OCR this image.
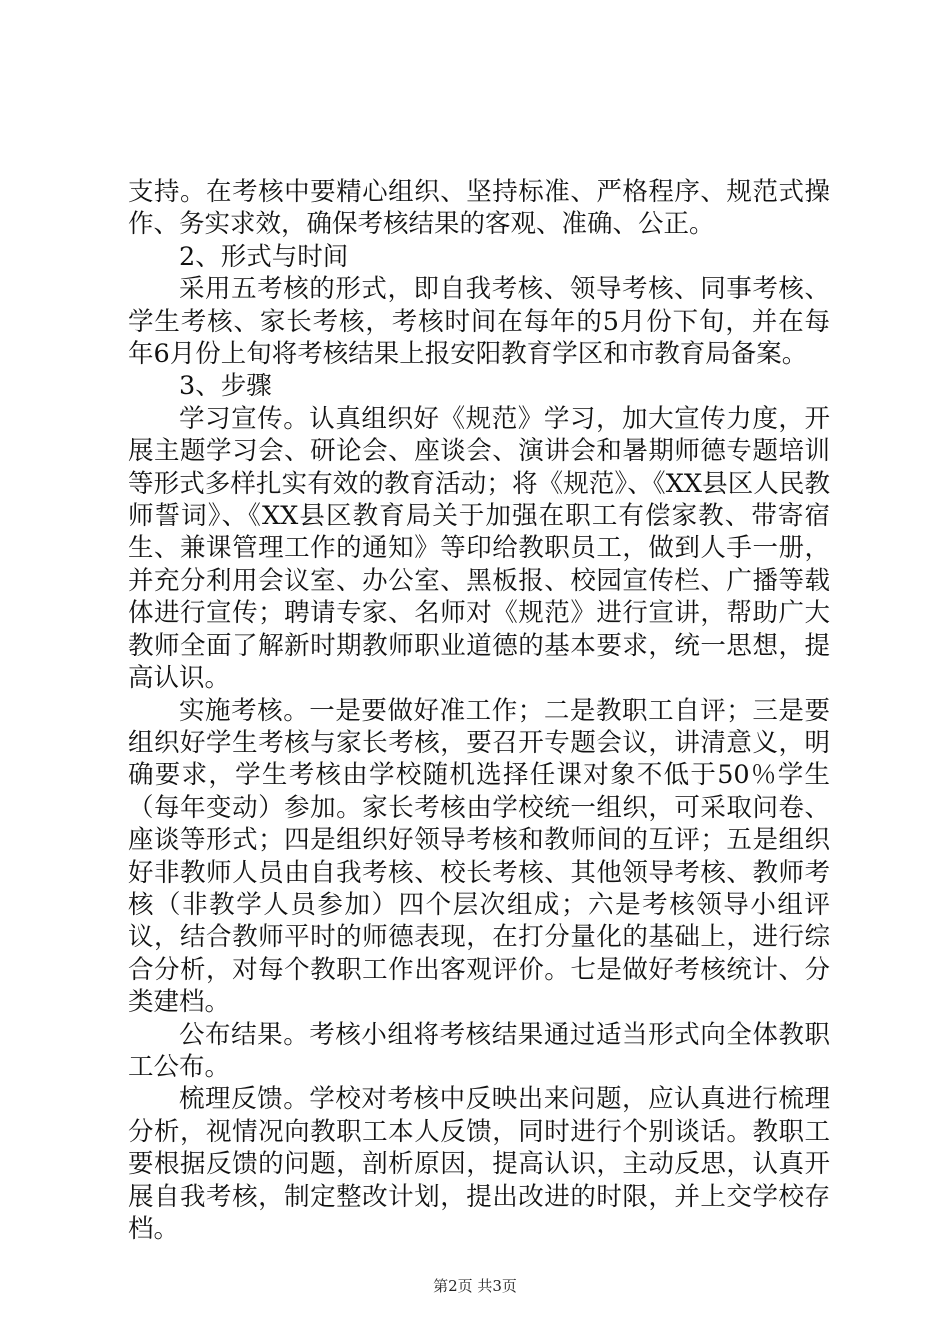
支持。在考核中要精心组织、坚持标准、严格程序、规范式操作、务实求效，确保考核结果的客观、准确、公正。

2、形式与时间

采用五考核的形式，即自我考核、领导考核、同事考核、学生考核、家长考核，考核时间在每年的5月份下旬，并在每年6月份上旬将考核结果上报安阳教育学区和市教育局备案。

3、步骤

学习宣传。认真组织好《规范》学习，加大宣传力度，开展主题学习会、研论会、座谈会、演讲会和暑期师德专题培训等形式多样扎实有效的教育活动；将《规范》、《XX县区人民教师誓词》、《XX县区教育局关于加强在职工有偿家教、带寄宿生、兼课管理工作的通知》等印给教职员工，做到人手一册，并充分利用会议室、办公室、黑板报、校园宣传栏、广播等载体进行宣传；聘请专家、名师对《规范》进行宣讲，帮助广大教师全面了解新时期教师职业道德的基本要求，统一思想，提高认识。

实施考核。一是要做好准工作；二是教职工自评；三是要组织好学生考核与家长考核，要召开专题会议，讲清意义，明确要求，学生考核由学校随机选择任课对象不低于50％学生（每年变动）参加。家长考核由学校统一组织，可采取问卷、座谈等形式；四是组织好领导考核和教师间的互评；五是组织好非教师人员由自我考核、校长考核、其他领导考核、教师考核（非教学人员参加）四个层次组成；六是考核领导小组评议，结合教师平时的师德表现，在打分量化的基础上，进行综合分析，对每个教职工作出客观评价。七是做好考核统计、分类建档。

公布结果。考核小组将考核结果通过适当形式向全体教职工公布。

梳理反馈。学校对考核中反映出来问题，应认真进行梳理分析，视情况向教职工本人反馈，同时进行个别谈话。教职工要根据反馈的问题，剖析原因，提高认识，主动反思，认真开展自我考核，制定整改计划，提出改进的时限，并上交学校存档。

第2页 共3页
